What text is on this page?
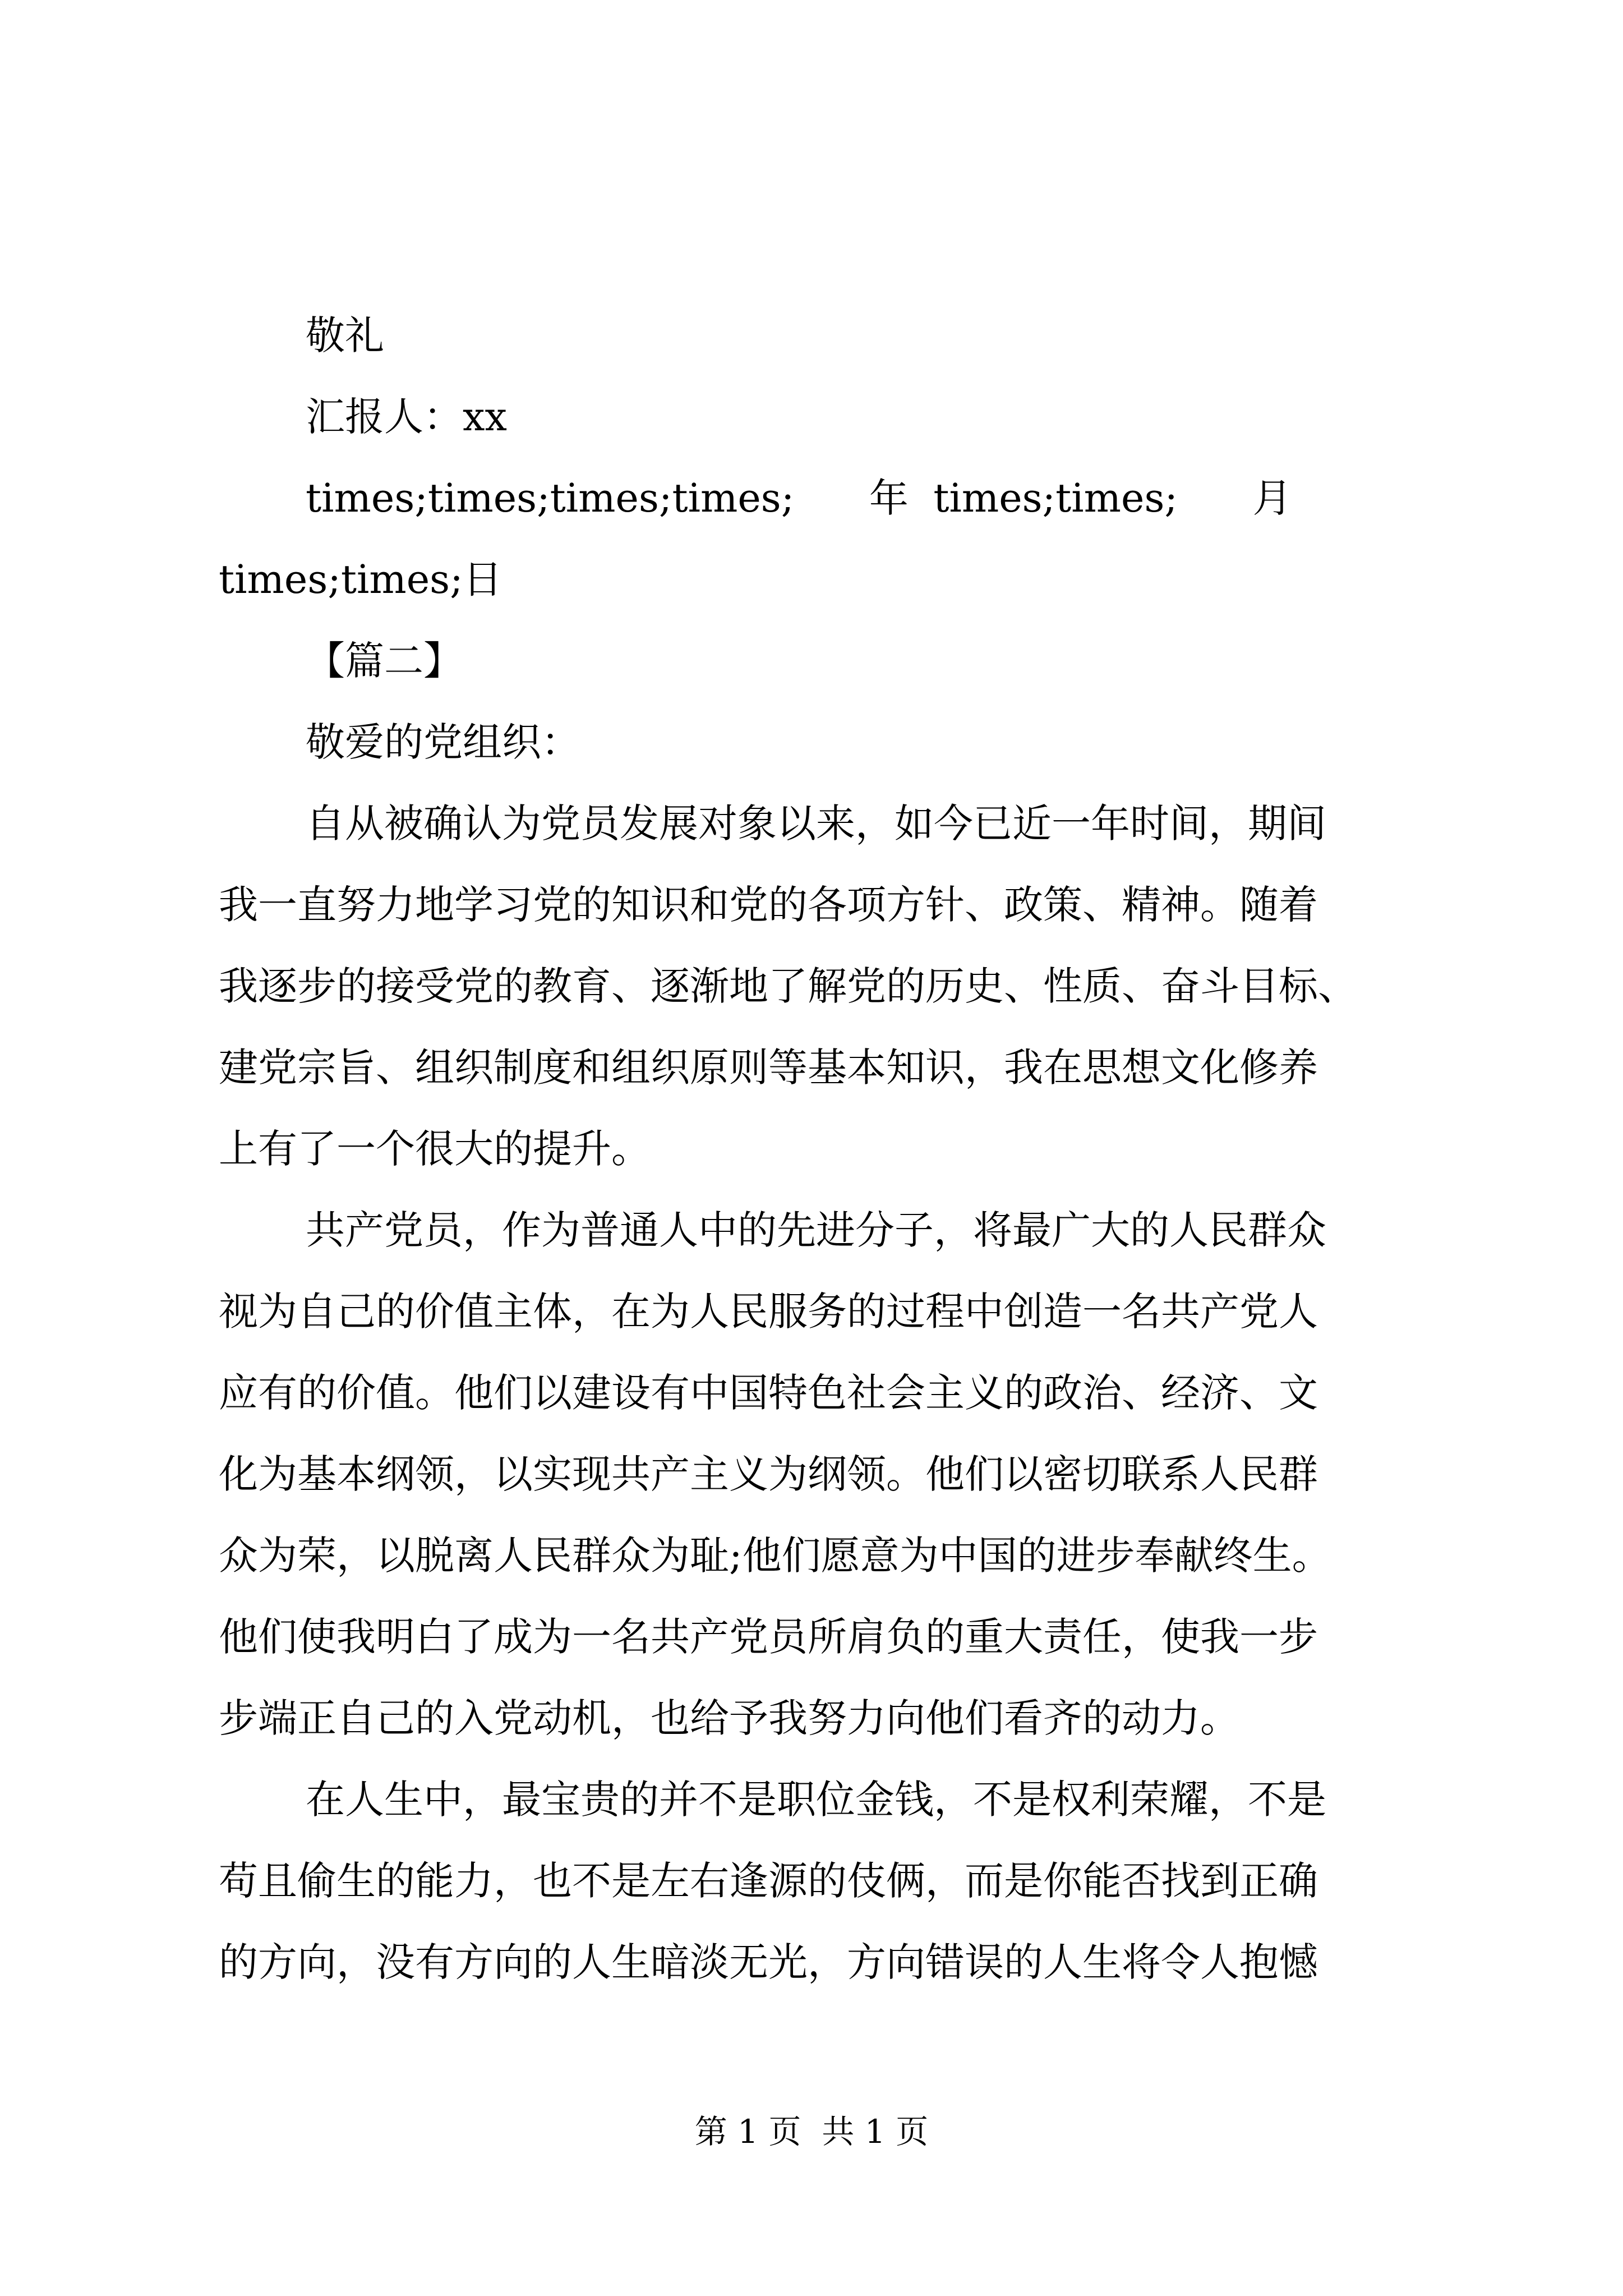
敬礼
汇报人：xx
times;times;times;times;      年  times;times;      月
times;times;日
【篇二】
敬爱的党组织：
自从被确认为党员发展对象以来，如今已近一年时间，期间
我一直努力地学习党的知识和党的各项方针、政策、精神。随着
我逐步的接受党的教育、逐渐地了解党的历史、性质、奋斗目标、
建党宗旨、组织制度和组织原则等基本知识，我在思想文化修养
上有了一个很大的提升。
共产党员，作为普通人中的先进分子，将最广大的人民群众
视为自己的价值主体，在为人民服务的过程中创造一名共产党人
应有的价值。他们以建设有中国特色社会主义的政治、经济、文
化为基本纲领，以实现共产主义为纲领。他们以密切联系人民群
众为荣，以脱离人民群众为耻;他们愿意为中国的进步奉献终生。
他们使我明白了成为一名共产党员所肩负的重大责任，使我一步
步端正自己的入党动机，也给予我努力向他们看齐的动力。
在人生中，最宝贵的并不是职位金钱，不是权利荣耀，不是
苟且偷生的能力，也不是左右逢源的伎俩，而是你能否找到正确
的方向，没有方向的人生暗淡无光，方向错误的人生将令人抱憾
第 1 页  共 1 页
